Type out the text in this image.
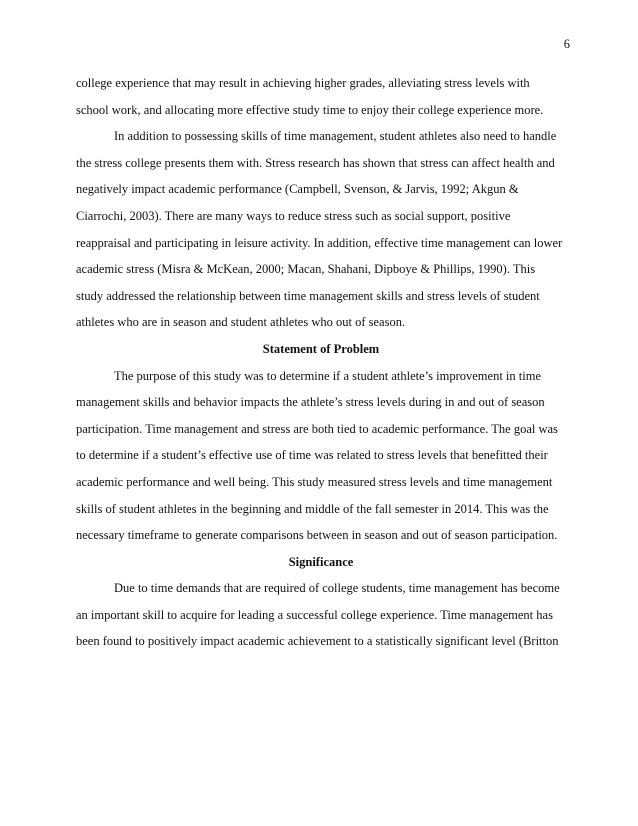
6
college experience that may result in achieving higher grades, alleviating stress levels with
school work, and allocating more effective study time to enjoy their college experience more.
In addition to possessing skills of time management, student athletes also need to handle
the stress college presents them with. Stress research has shown that stress can affect health and
negatively impact academic performance (Campbell, Svenson, & Jarvis, 1992; Akgun &
Ciarrochi, 2003). There are many ways to reduce stress such as social support, positive
reappraisal and participating in leisure activity. In addition, effective time management can lower
academic stress (Misra & McKean, 2000; Macan, Shahani, Dipboye & Phillips, 1990). This
study addressed the relationship between time management skills and stress levels of student
athletes who are in season and student athletes who out of season.
Statement of Problem
The purpose of this study was to determine if a student athlete’s improvement in time
management skills and behavior impacts the athlete’s stress levels during in and out of season
participation. Time management and stress are both tied to academic performance. The goal was
to determine if a student’s effective use of time was related to stress levels that benefitted their
academic performance and well being. This study measured stress levels and time management
skills of student athletes in the beginning and middle of the fall semester in 2014. This was the
necessary timeframe to generate comparisons between in season and out of season participation.
Significance
Due to time demands that are required of college students, time management has become
an important skill to acquire for leading a successful college experience. Time management has
been found to positively impact academic achievement to a statistically significant level (Britton
